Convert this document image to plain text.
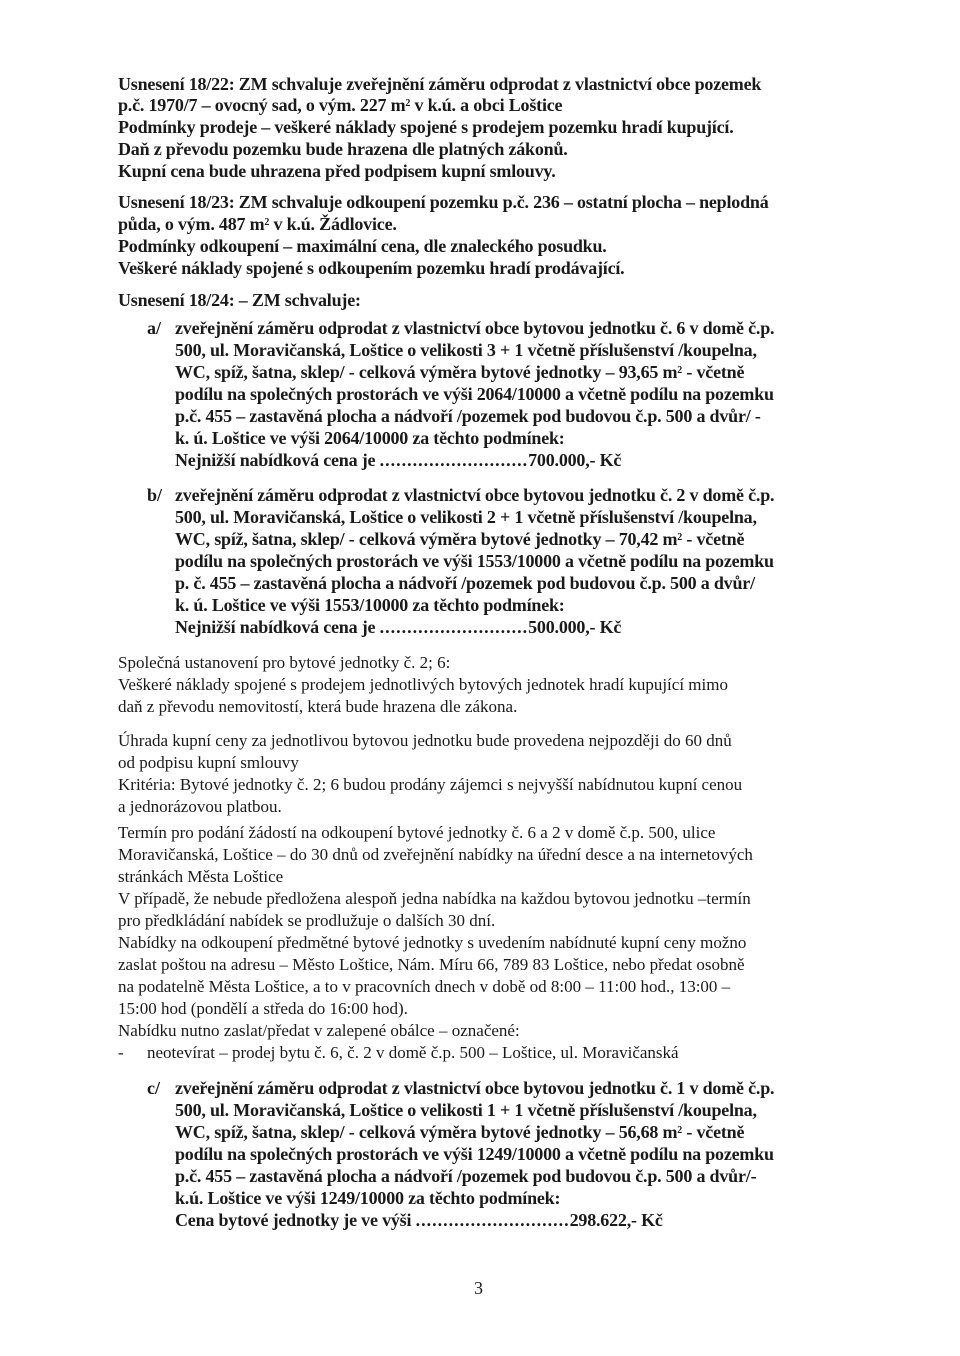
Usnesení 18/22: ZM schvaluje zveřejnění záměru odprodat z vlastnictví obce pozemek
p.č. 1970/7 – ovocný sad, o vým. 227 $m^2$ v k.ú. a obci Loštice
Podmínky prodeje – veškeré náklady spojené s prodejem pozemku hradí kupující.
Daň z převodu pozemku bude hrazena dle platných zákonů.
Kupní cena bude uhrazena před podpisem kupní smlouvy.
Usnesení 18/23: ZM schvaluje odkoupení pozemku p.č. 236 – ostatní plocha – neplodná
půda, o vým. 487 $m^2$ v k.ú. Žádlovice.
Podmínky odkoupení – maximální cena, dle znaleckého posudku.
Veškeré náklady spojené s odkoupením pozemku hradí prodávající.
Usnesení 18/24: – ZM schvaluje:
a/ zveřejnění záměru odprodat z vlastnictví obce bytovou jednotku č. 6 v domě č.p.
500, ul. Moravičanská, Loštice o velikosti 3 + 1 včetně příslušenství /koupelna,
WC, spíž, šatna, sklep/ - celková výměra bytové jednotky – 93,65 $m^2$ - včetně
podílu na společných prostorách ve výši 2064/10000 a včetně podílu na pozemku
p.č. 455 – zastavěná plocha a nádvoří /pozemek pod budovou č.p. 500 a dvůr/ -
k. ú. Loštice ve výši 2064/10000 za těchto podmínek:
Nejnižší nabídková cena je ...........................700.000,- Kč
b/ zveřejnění záměru odprodat z vlastnictví obce bytovou jednotku č. 2 v domě č.p.
500, ul. Moravičanská, Loštice o velikosti 2 + 1 včetně příslušenství /koupelna,
WC, spíž, šatna, sklep/ - celková výměra bytové jednotky – 70,42 $m^2$ - včetně
podílu na společných prostorách ve výši 1553/10000 a včetně podílu na pozemku
p. č. 455 – zastavěná plocha a nádvoří /pozemek pod budovou č.p. 500 a dvůr/
k. ú. Loštice ve výši 1553/10000 za těchto podmínek:
Nejnižší nabídková cena je ...........................500.000,- Kč
Společná ustanovení pro bytové jednotky č. 2; 6:
Veškeré náklady spojené s prodejem jednotlivých bytových jednotek hradí kupující mimo
daň z převodu nemovitostí, která bude hrazena dle zákona.
Úhrada kupní ceny za jednotlivou bytovou jednotku bude provedena nejpozději do 60 dnů
od podpisu kupní smlouvy
Kritéria: Bytové jednotky č. 2; 6 budou prodány zájemci s nejvyšší nabídnutou kupní cenou
a jednorázovou platbou.
Termín pro podání žádostí na odkoupení bytové jednotky č. 6 a 2 v domě č.p. 500, ulice
Moravičanská, Loštice – do 30 dnů od zveřejnění nabídky na úřední desce a na internetových
stránkách Města Loštice
V případě, že nebude předložena alespoň jedna nabídka na každou bytovou jednotku –termín
pro předkládání nabídek se prodlužuje o dalších 30 dní.
Nabídky na odkoupení předmětné bytové jednotky s uvedením nabídnuté kupní ceny možno
zaslat poštou na adresu – Město Loštice, Nám. Míru 66, 789 83 Loštice, nebo předat osobně
na podatelně Města Loštice, a to v pracovních dnech v době od 8:00 – 11:00 hod., 13:00 –
15:00 hod (pondělí a středa do 16:00 hod).
Nabídku nutno zaslat/předat v zalepené obálce – označené:
- neotevírat – prodej bytu č. 6, č. 2 v domě č.p. 500 – Loštice, ul. Moravičanská
c/ zveřejnění záměru odprodat z vlastnictví obce bytovou jednotku č. 1 v domě č.p.
500, ul. Moravičanská, Loštice o velikosti 1 + 1 včetně příslušenství /koupelna,
WC, spíž, šatna, sklep/ - celková výměra bytové jednotky – 56,68 $m^2$ - včetně
podílu na společných prostorách ve výši 1249/10000 a včetně podílu na pozemku
p.č. 455 – zastavěná plocha a nádvoří /pozemek pod budovou č.p. 500 a dvůr/-
k.ú. Loštice ve výši 1249/10000 za těchto podmínek:
Cena bytové jednotky je ve výši ............................298.622,- Kč
3
